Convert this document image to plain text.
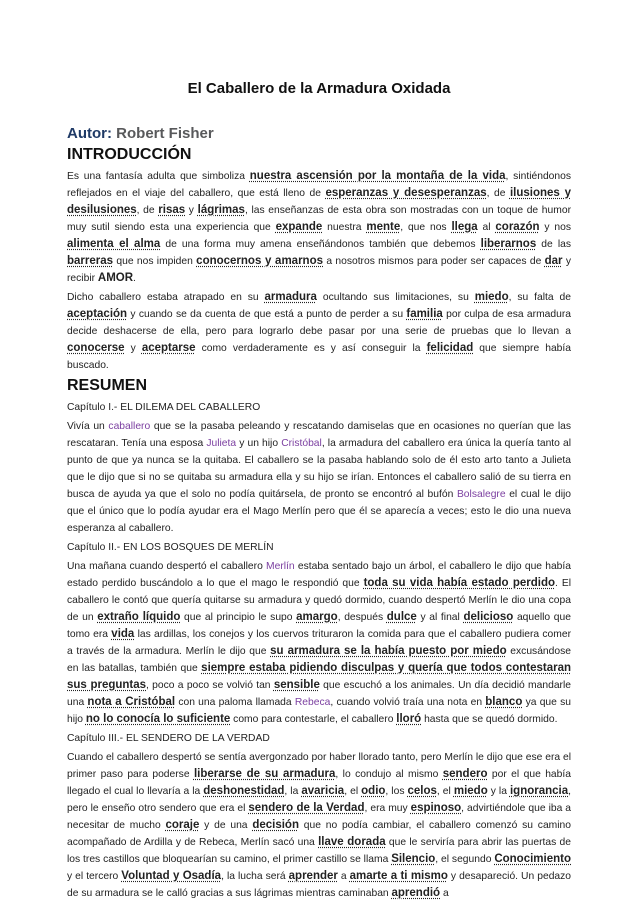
El Caballero de la Armadura Oxidada
Autor: Robert Fisher
INTRODUCCIÓN

Es una fantasía adulta que simboliza nuestra ascensión por la montaña de la vida, sintiéndonos reflejados en el viaje del caballero, que está lleno de esperanzas y desesperanzas, de ilusiones y desilusiones, de risas y lágrimas, las enseñanzas de esta obra son mostradas con un toque de humor muy sutil siendo esta una experiencia que expande nuestra mente, que nos llega al corazón y nos alimenta el alma de una forma muy amena enseñándonos también que debemos liberarnos de las barreras que nos impiden conocernos y amarnos a nosotros mismos para poder ser capaces de dar y recibir AMOR.

Dicho caballero estaba atrapado en su armadura ocultando sus limitaciones, su miedo, su falta de aceptación y cuando se da cuenta de que está a punto de perder a su familia por culpa de esa armadura decide deshacerse de ella, pero para lograrlo debe pasar por una serie de pruebas que lo llevan a conocerse y aceptarse como verdaderamente es y así conseguir la felicidad que siempre había buscado.

RESUMEN
Capítulo I.- EL DILEMA DEL CABALLERO

Vivía un caballero que se la pasaba peleando y rescatando damiselas que en ocasiones no querían que las rescataran. Tenía una esposa Julieta y un hijo Cristóbal, la armadura del caballero era única la quería tanto al punto de que ya nunca se la quitaba. El caballero se la pasaba hablando solo de él esto arto tanto a Julieta que le dijo que si no se quitaba su armadura ella y su hijo se irían. Entonces el caballero salió de su tierra en busca de ayuda ya que el solo no podía quitársela, de pronto se encontró al bufón Bolsalegre el cual le dijo que el único que lo podía ayudar era el Mago Merlín pero que él se aparecía a veces; esto le dio una nueva esperanza al caballero.

Capítulo II.- EN LOS BOSQUES DE MERLÍN

Una mañana cuando despertó el caballero Merlín estaba sentado bajo un árbol, el caballero le dijo que había estado perdido buscándolo a lo que el mago le respondió que toda su vida había estado perdido. El caballero le contó que quería quitarse su armadura y quedó dormido, cuando despertó Merlín le dio una copa de un extraño líquido que al principio le supo amargo, después dulce y al final delicioso aquello que tomo era vida las ardillas, los conejos y los cuervos trituraron la comida para que el caballero pudiera comer a través de la armadura. Merlín le dijo que su armadura se la había puesto por miedo excusándose en las batallas, también que siempre estaba pidiendo disculpas y quería que todos contestaran sus preguntas, poco a poco se volvió tan sensible que escuchó a los animales. Un día decidió mandarle una nota a Cristóbal con una paloma llamada Rebeca, cuando volvió traía una nota en blanco ya que su hijo no lo conocía lo suficiente como para contestarle, el caballero lloró hasta que se quedó dormido.

Capítulo III.- EL SENDERO DE LA VERDAD

Cuando el caballero despertó se sentía avergonzado por haber llorado tanto, pero Merlín le dijo que ese era el primer paso para poderse liberarse de su armadura, lo condujo al mismo sendero por el que había llegado el cual lo llevaría a la deshonestidad, la avaricia, el odio, los celos, el miedo y la ignorancia, pero le enseño otro sendero que era el sendero de la Verdad, era muy espinoso, advirtiéndole que iba a necesitar de mucho coraje y de una decisión que no podía cambiar, el caballero comenzó su camino acompañado de Ardilla y de Rebeca, Merlín sacó una llave dorada que le serviría para abrir las puertas de los tres castillos que bloquearían su camino, el primer castillo se llama Silencio, el segundo Conocimiento y el tercero Voluntad y Osadía, la lucha será aprender a amarte a ti mismo y desapareció. Un pedazo de su armadura se le calló gracias a sus lágrimas mientras caminaban aprendió a
